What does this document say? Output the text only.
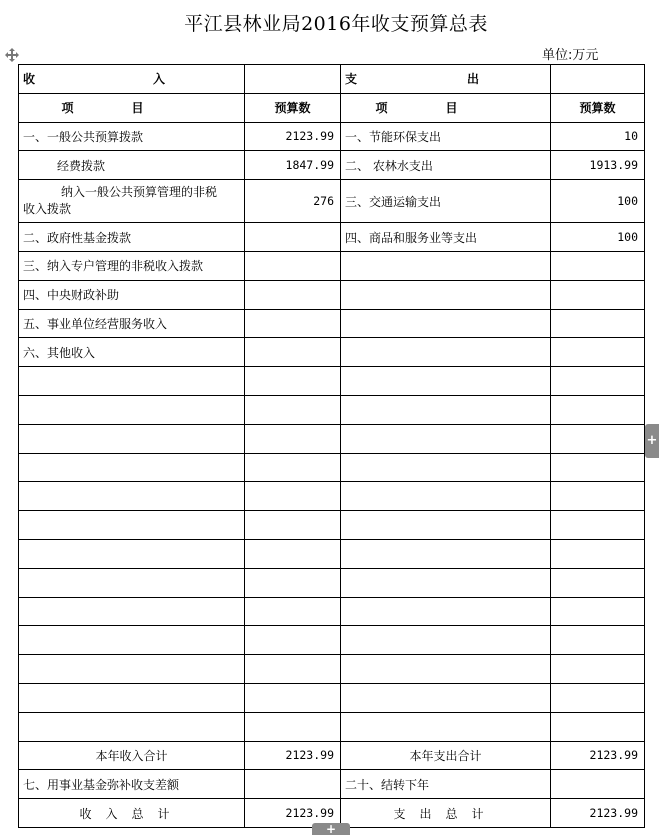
平江县林业局2016年收支预算总表
单位:万元
收入		支出	
项目	预算数	项目	预算数
一、一般公共预算拨款	2123.99	一、节能环保支出	10
经费拨款	1847.99	二、 农林水支出	1913.99

纳入一般公共预算管理的非税
收入拨款	276	三、交通运输支出	100
二、政府性基金拨款		四、商品和服务业等支出	100
三、纳入专户管理的非税收入拨款			
四、中央财政补助			
五、事业单位经营服务收入			
六、其他收入			

本年收入合计	2123.99	本年支出合计	2123.99
七、用事业基金弥补收支差额		二十、结转下年	
收入总计	2123.99	支出总计	2123.99
+
+
